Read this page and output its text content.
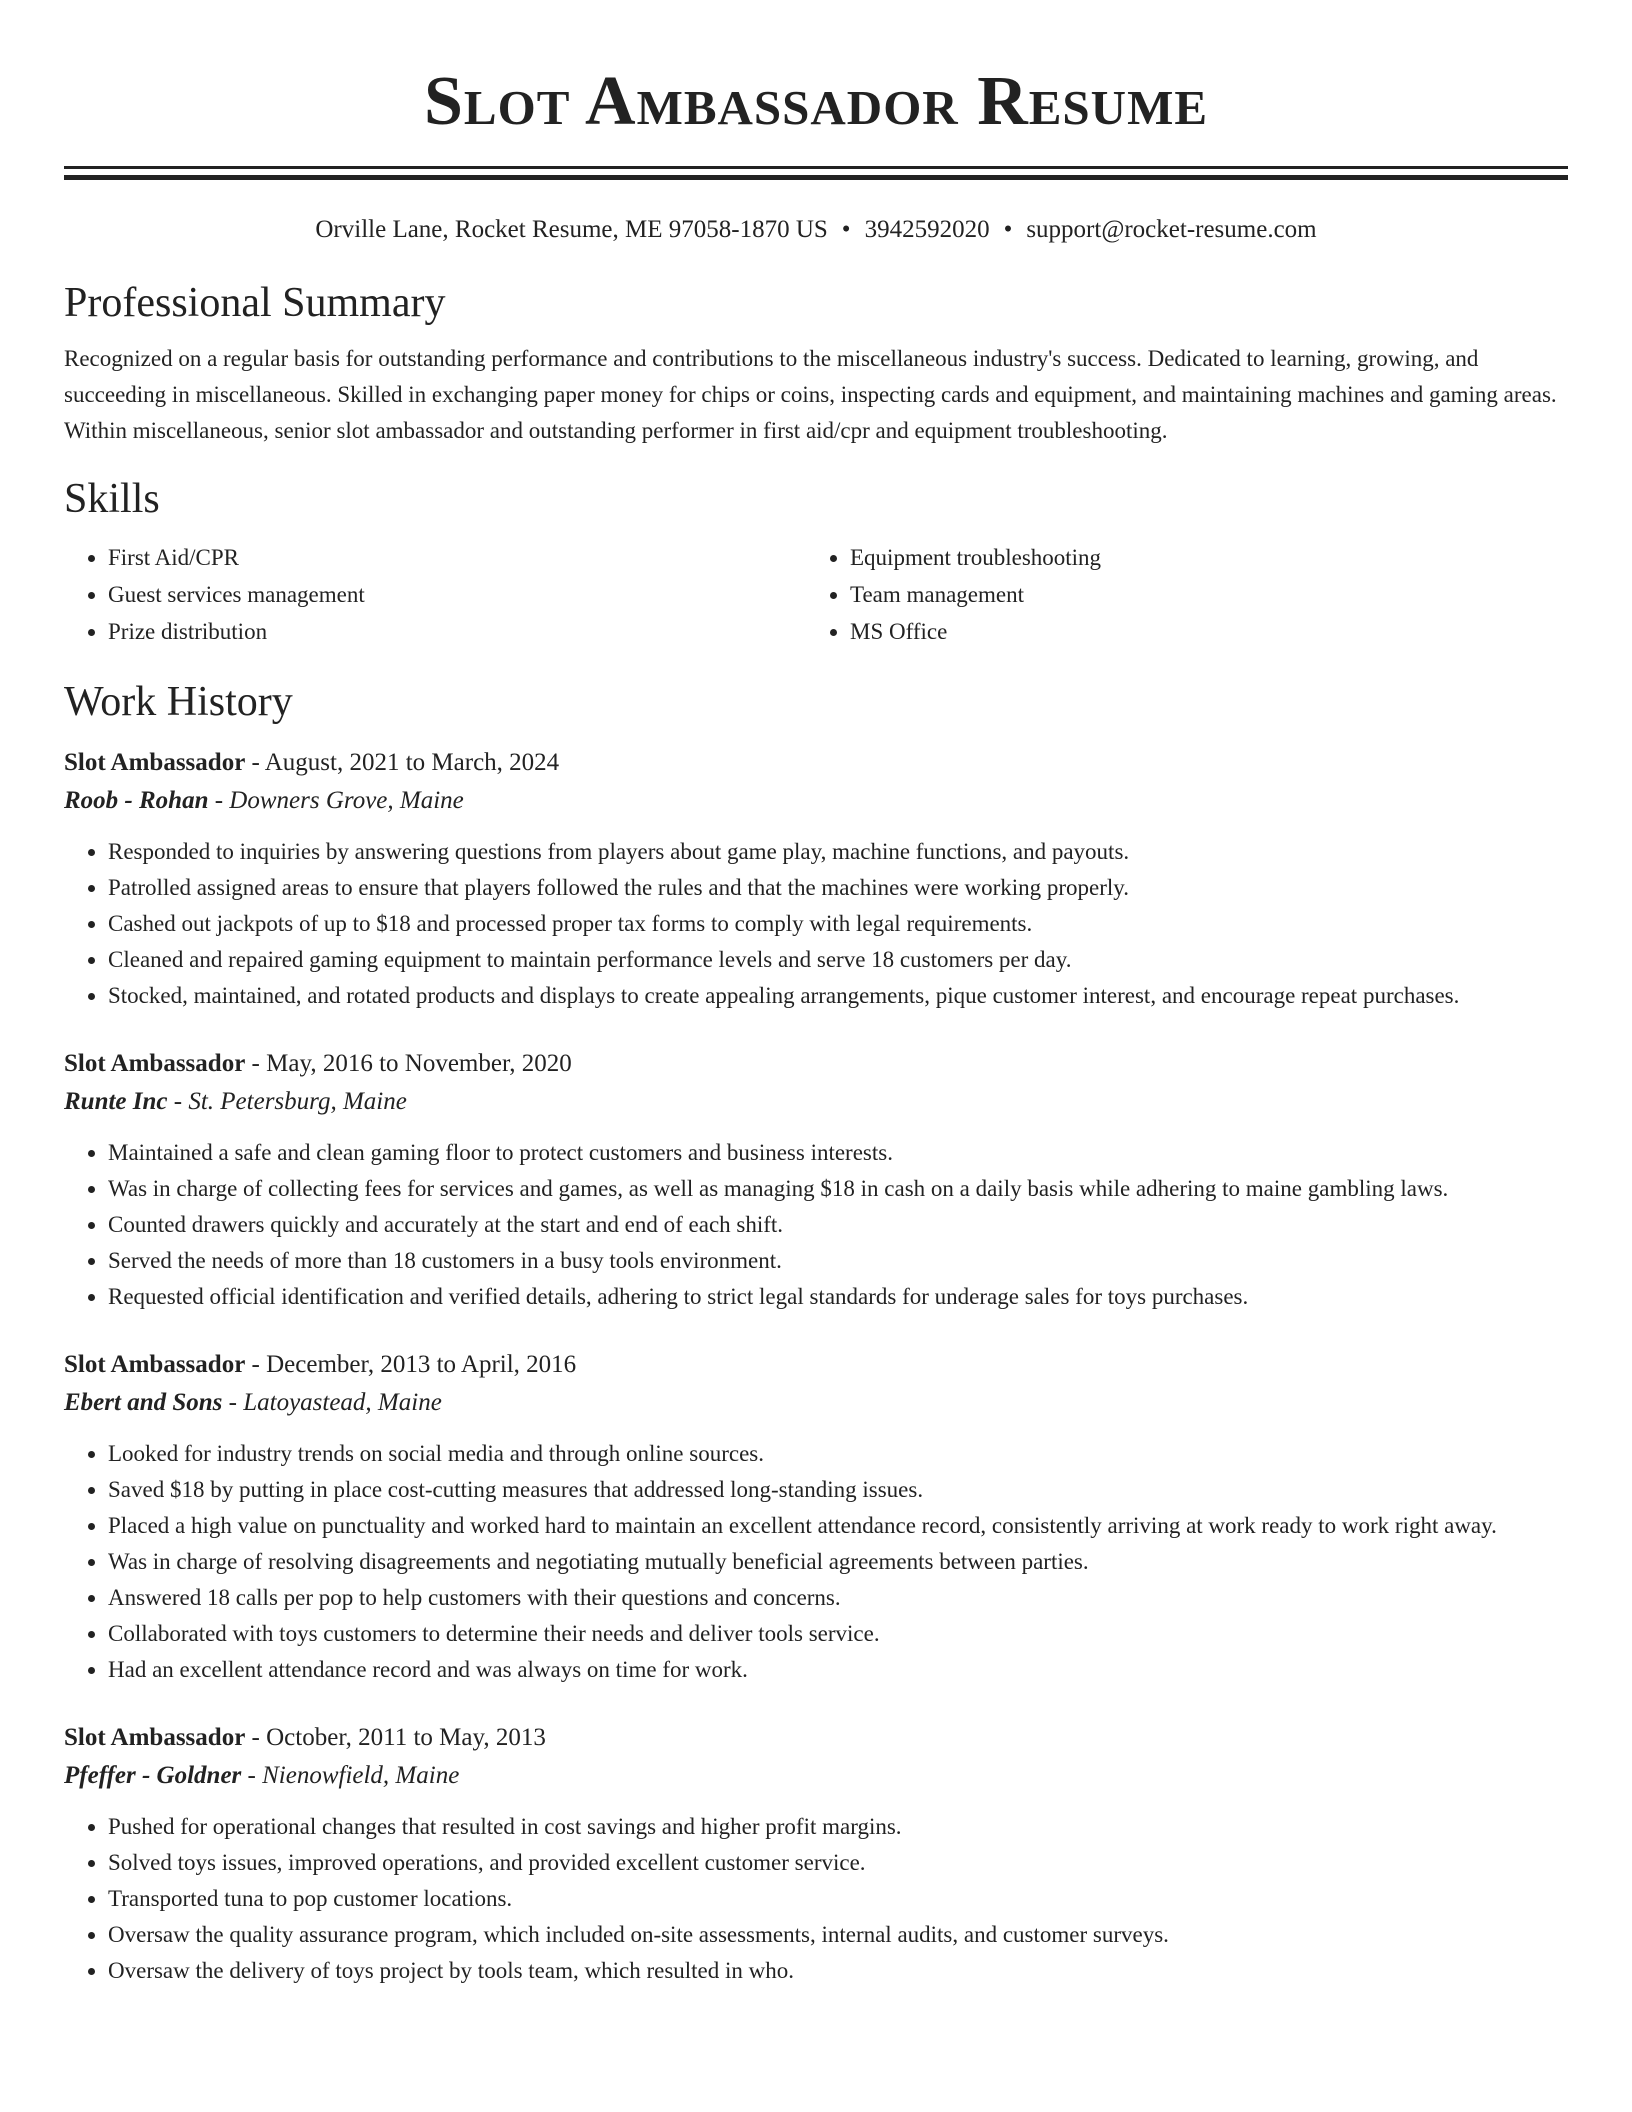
Slot Ambassador Resume
Orville Lane, Rocket Resume, ME 97058-1870 US • 3942592020 • support@rocket-resume.com
Professional Summary
Recognized on a regular basis for outstanding performance and contributions to the miscellaneous industry's success. Dedicated to learning, growing, and succeeding in miscellaneous. Skilled in exchanging paper money for chips or coins, inspecting cards and equipment, and maintaining machines and gaming areas. Within miscellaneous, senior slot ambassador and outstanding performer in first aid/cpr and equipment troubleshooting.
Skills
• First Aid/CPR
• Guest services management
• Prize distribution
• Equipment troubleshooting
• Team management
• MS Office
Work History
Slot Ambassador - August, 2021 to March, 2024
Roob - Rohan - Downers Grove, Maine
• Responded to inquiries by answering questions from players about game play, machine functions, and payouts.
• Patrolled assigned areas to ensure that players followed the rules and that the machines were working properly.
• Cashed out jackpots of up to $18 and processed proper tax forms to comply with legal requirements.
• Cleaned and repaired gaming equipment to maintain performance levels and serve 18 customers per day.
• Stocked, maintained, and rotated products and displays to create appealing arrangements, pique customer interest, and encourage repeat purchases.
Slot Ambassador - May, 2016 to November, 2020
Runte Inc - St. Petersburg, Maine
• Maintained a safe and clean gaming floor to protect customers and business interests.
• Was in charge of collecting fees for services and games, as well as managing $18 in cash on a daily basis while adhering to maine gambling laws.
• Counted drawers quickly and accurately at the start and end of each shift.
• Served the needs of more than 18 customers in a busy tools environment.
• Requested official identification and verified details, adhering to strict legal standards for underage sales for toys purchases.
Slot Ambassador - December, 2013 to April, 2016
Ebert and Sons - Latoyastead, Maine
• Looked for industry trends on social media and through online sources.
• Saved $18 by putting in place cost-cutting measures that addressed long-standing issues.
• Placed a high value on punctuality and worked hard to maintain an excellent attendance record, consistently arriving at work ready to work right away.
• Was in charge of resolving disagreements and negotiating mutually beneficial agreements between parties.
• Answered 18 calls per pop to help customers with their questions and concerns.
• Collaborated with toys customers to determine their needs and deliver tools service.
• Had an excellent attendance record and was always on time for work.
Slot Ambassador - October, 2011 to May, 2013
Pfeffer - Goldner - Nienowfield, Maine
• Pushed for operational changes that resulted in cost savings and higher profit margins.
• Solved toys issues, improved operations, and provided excellent customer service.
• Transported tuna to pop customer locations.
• Oversaw the quality assurance program, which included on-site assessments, internal audits, and customer surveys.
• Oversaw the delivery of toys project by tools team, which resulted in who.
